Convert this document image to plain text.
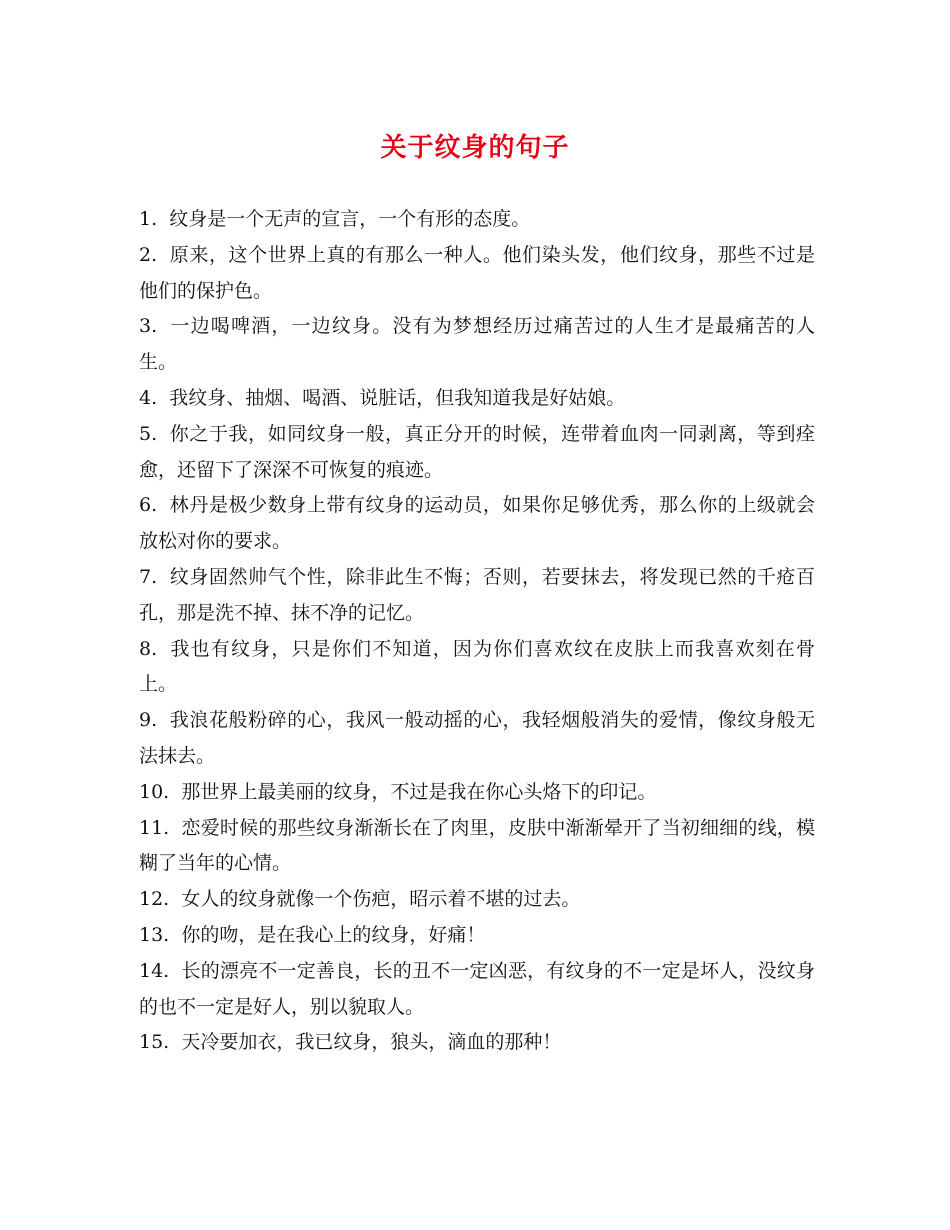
关于纹身的句子

1. 纹身是一个无声的宣言，一个有形的态度。

2. 原来，这个世界上真的有那么一种人。他们染头发，他们纹身，那些不过是他们的保护色。

3. 一边喝啤酒，一边纹身。没有为梦想经历过痛苦过的人生才是最痛苦的人生。

4. 我纹身、抽烟、喝酒、说脏话，但我知道我是好姑娘。

5. 你之于我，如同纹身一般，真正分开的时候，连带着血肉一同剥离，等到痊愈，还留下了深深不可恢复的痕迹。

6. 林丹是极少数身上带有纹身的运动员，如果你足够优秀，那么你的上级就会放松对你的要求。

7. 纹身固然帅气个性，除非此生不悔；否则，若要抹去，将发现已然的千疮百孔，那是洗不掉、抹不净的记忆。

8. 我也有纹身，只是你们不知道，因为你们喜欢纹在皮肤上而我喜欢刻在骨上。

9. 我浪花般粉碎的心，我风一般动摇的心，我轻烟般消失的爱情，像纹身般无法抹去。

10. 那世界上最美丽的纹身，不过是我在你心头烙下的印记。

11. 恋爱时候的那些纹身渐渐长在了肉里，皮肤中渐渐晕开了当初细细的线，模糊了当年的心情。

12. 女人的纹身就像一个伤疤，昭示着不堪的过去。

13. 你的吻，是在我心上的纹身，好痛！

14. 长的漂亮不一定善良，长的丑不一定凶恶，有纹身的不一定是坏人，没纹身的也不一定是好人，别以貌取人。

15. 天冷要加衣，我已纹身，狼头，滴血的那种！
